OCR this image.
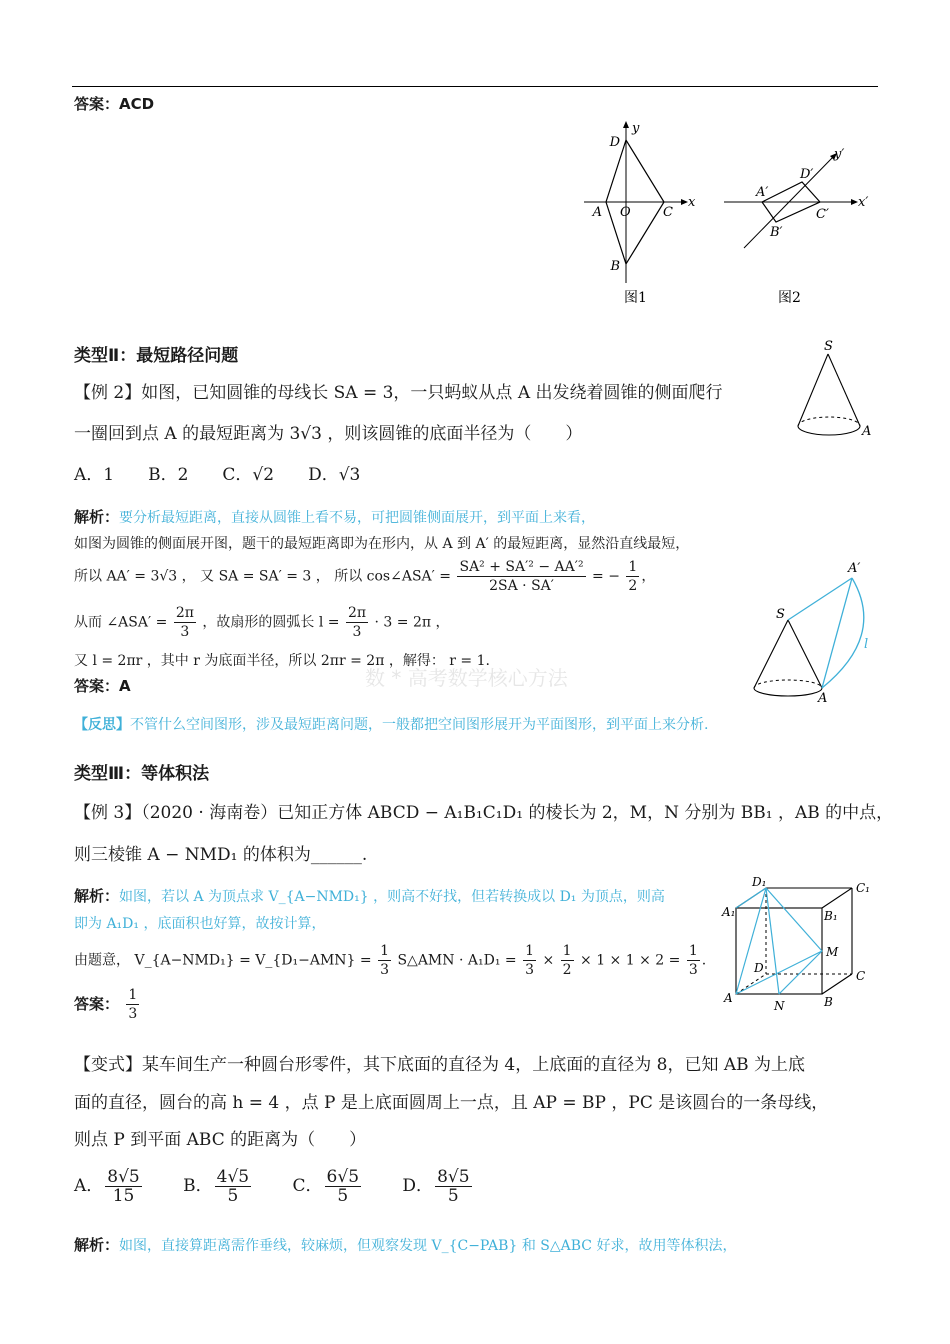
答案：ACD
D
y
A O C
x
B
图1
y′
D′
A′
C′
x′
B′
图2
类型Ⅱ：最短路径问题
【例 2】如图，已知圆锥的母线长 SA = 3，一只蚂蚁从点 A 出发绕着圆锥的侧面爬行
一圈回到点 A 的最短距离为 3√3 ，则该圆锥的底面半径为（　　）
A．1 B．2 C．√2 D．√3
S
A
解析：要分析最短距离，直接从圆锥上看不易，可把圆锥侧面展开，到平面上来看，
如图为圆锥的侧面展开图，题干的最短距离即为在形内，从 A 到 A′ 的最短距离，显然沿直线最短，
所以 AA′ = 3√3 ， 又 SA = SA′ = 3 ， 所以 cos∠ASA′ = $\frac{\text{SA² + SA′² − AA′²}}{2SA \cdot SA'}$ = − $\frac{1}{2}$ ，
从而 ∠ASA′ = $\frac{2\pi}{3}$ ，故扇形的圆弧长 $l = \frac{2\pi}{3} \cdot 3 = 2\pi$ ，
又 l = 2πr ，其中 r 为底面半径，所以 2πr = 2π ，解得： r = 1.
答案：A	数 * 高考数学核心方法
A′
S
l
A
【反思】不管什么空间图形，涉及最短距离问题，一般都把空间图形展开为平面图形，到平面上来分析.
类型Ⅲ：等体积法
【例 3】（2020 · 海南卷）已知正方体 ABCD − A₁B₁C₁D₁ 的棱长为 2，M，N 分别为 BB₁ ，AB 的中点，
则三棱锥 A − NMD₁ 的体积为______.
解析：如图，若以 A 为顶点求 V_{A−NMD₁} ，则高不好找，但若转换成以 D₁ 为顶点，则高
即为 A₁D₁ ，底面积也好算，故按计算，
由题意， V_{A−NMD₁} = V_{D₁−AMN} = $\frac{1}{3}$ S△AMN · $A_1D_1 = \frac{1}{3} \times \frac{1}{2} \times 1 \times 1 \times 2 = \frac{1}{3}$ .
答案： $\frac{1}{3}$
D₁	C₁
A₁	B₁
M
D
C
A
N	B
【变式】某车间生产一种圆台形零件，其下底面的直径为 4，上底面的直径为 8，已知 AB 为上底
面的直径，圆台的高 h = 4 ，点 P 是上底面圆周上一点，且 AP = BP ，PC 是该圆台的一条母线，
则点 P 到平面 ABC 的距离为（　　）
A． $\frac{8√5}{15}$ B． $\frac{4√5}{5}$ C． $\frac{6√5}{5}$ D． $\frac{8√5}{5}$
解析：如图，直接算距离需作垂线，较麻烦，但观察发现 V_{C−PAB} 和 S△ABC 好求，故用等体积法，
